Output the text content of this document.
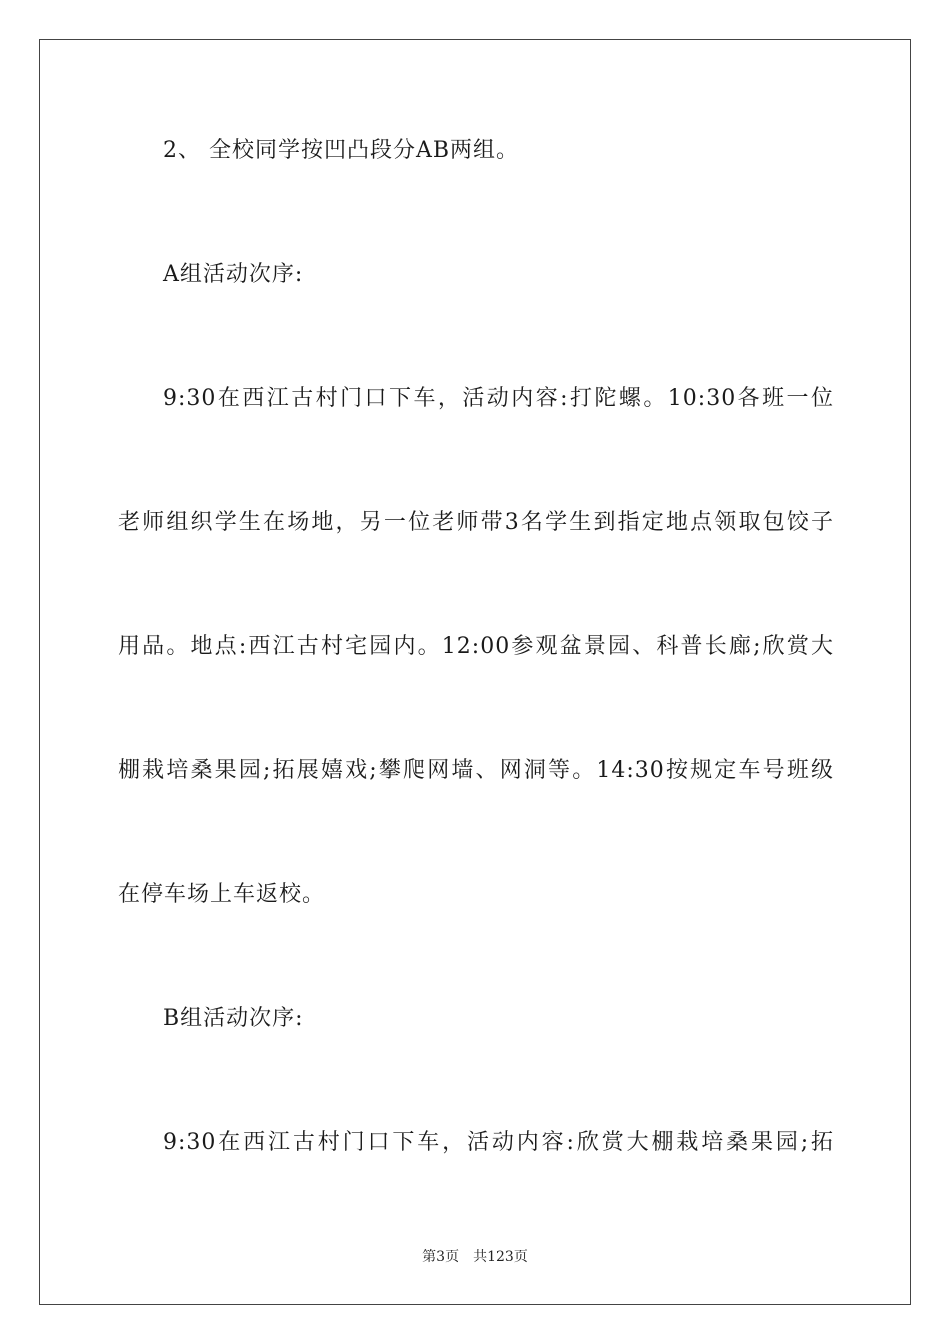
2、 全校同学按凹凸段分AB两组。
A组活动次序:
9:30在西江古村门口下车，活动内容:打陀螺。10:30各班一位
老师组织学生在场地，另一位老师带3名学生到指定地点领取包饺子
用品。地点:西江古村宅园内。12:00参观盆景园、科普长廊;欣赏大
棚栽培桑果园;拓展嬉戏;攀爬网墙、网洞等。14:30按规定车号班级
在停车场上车返校。
B组活动次序:
9:30在西江古村门口下车，活动内容:欣赏大棚栽培桑果园;拓
第3页 共123页
